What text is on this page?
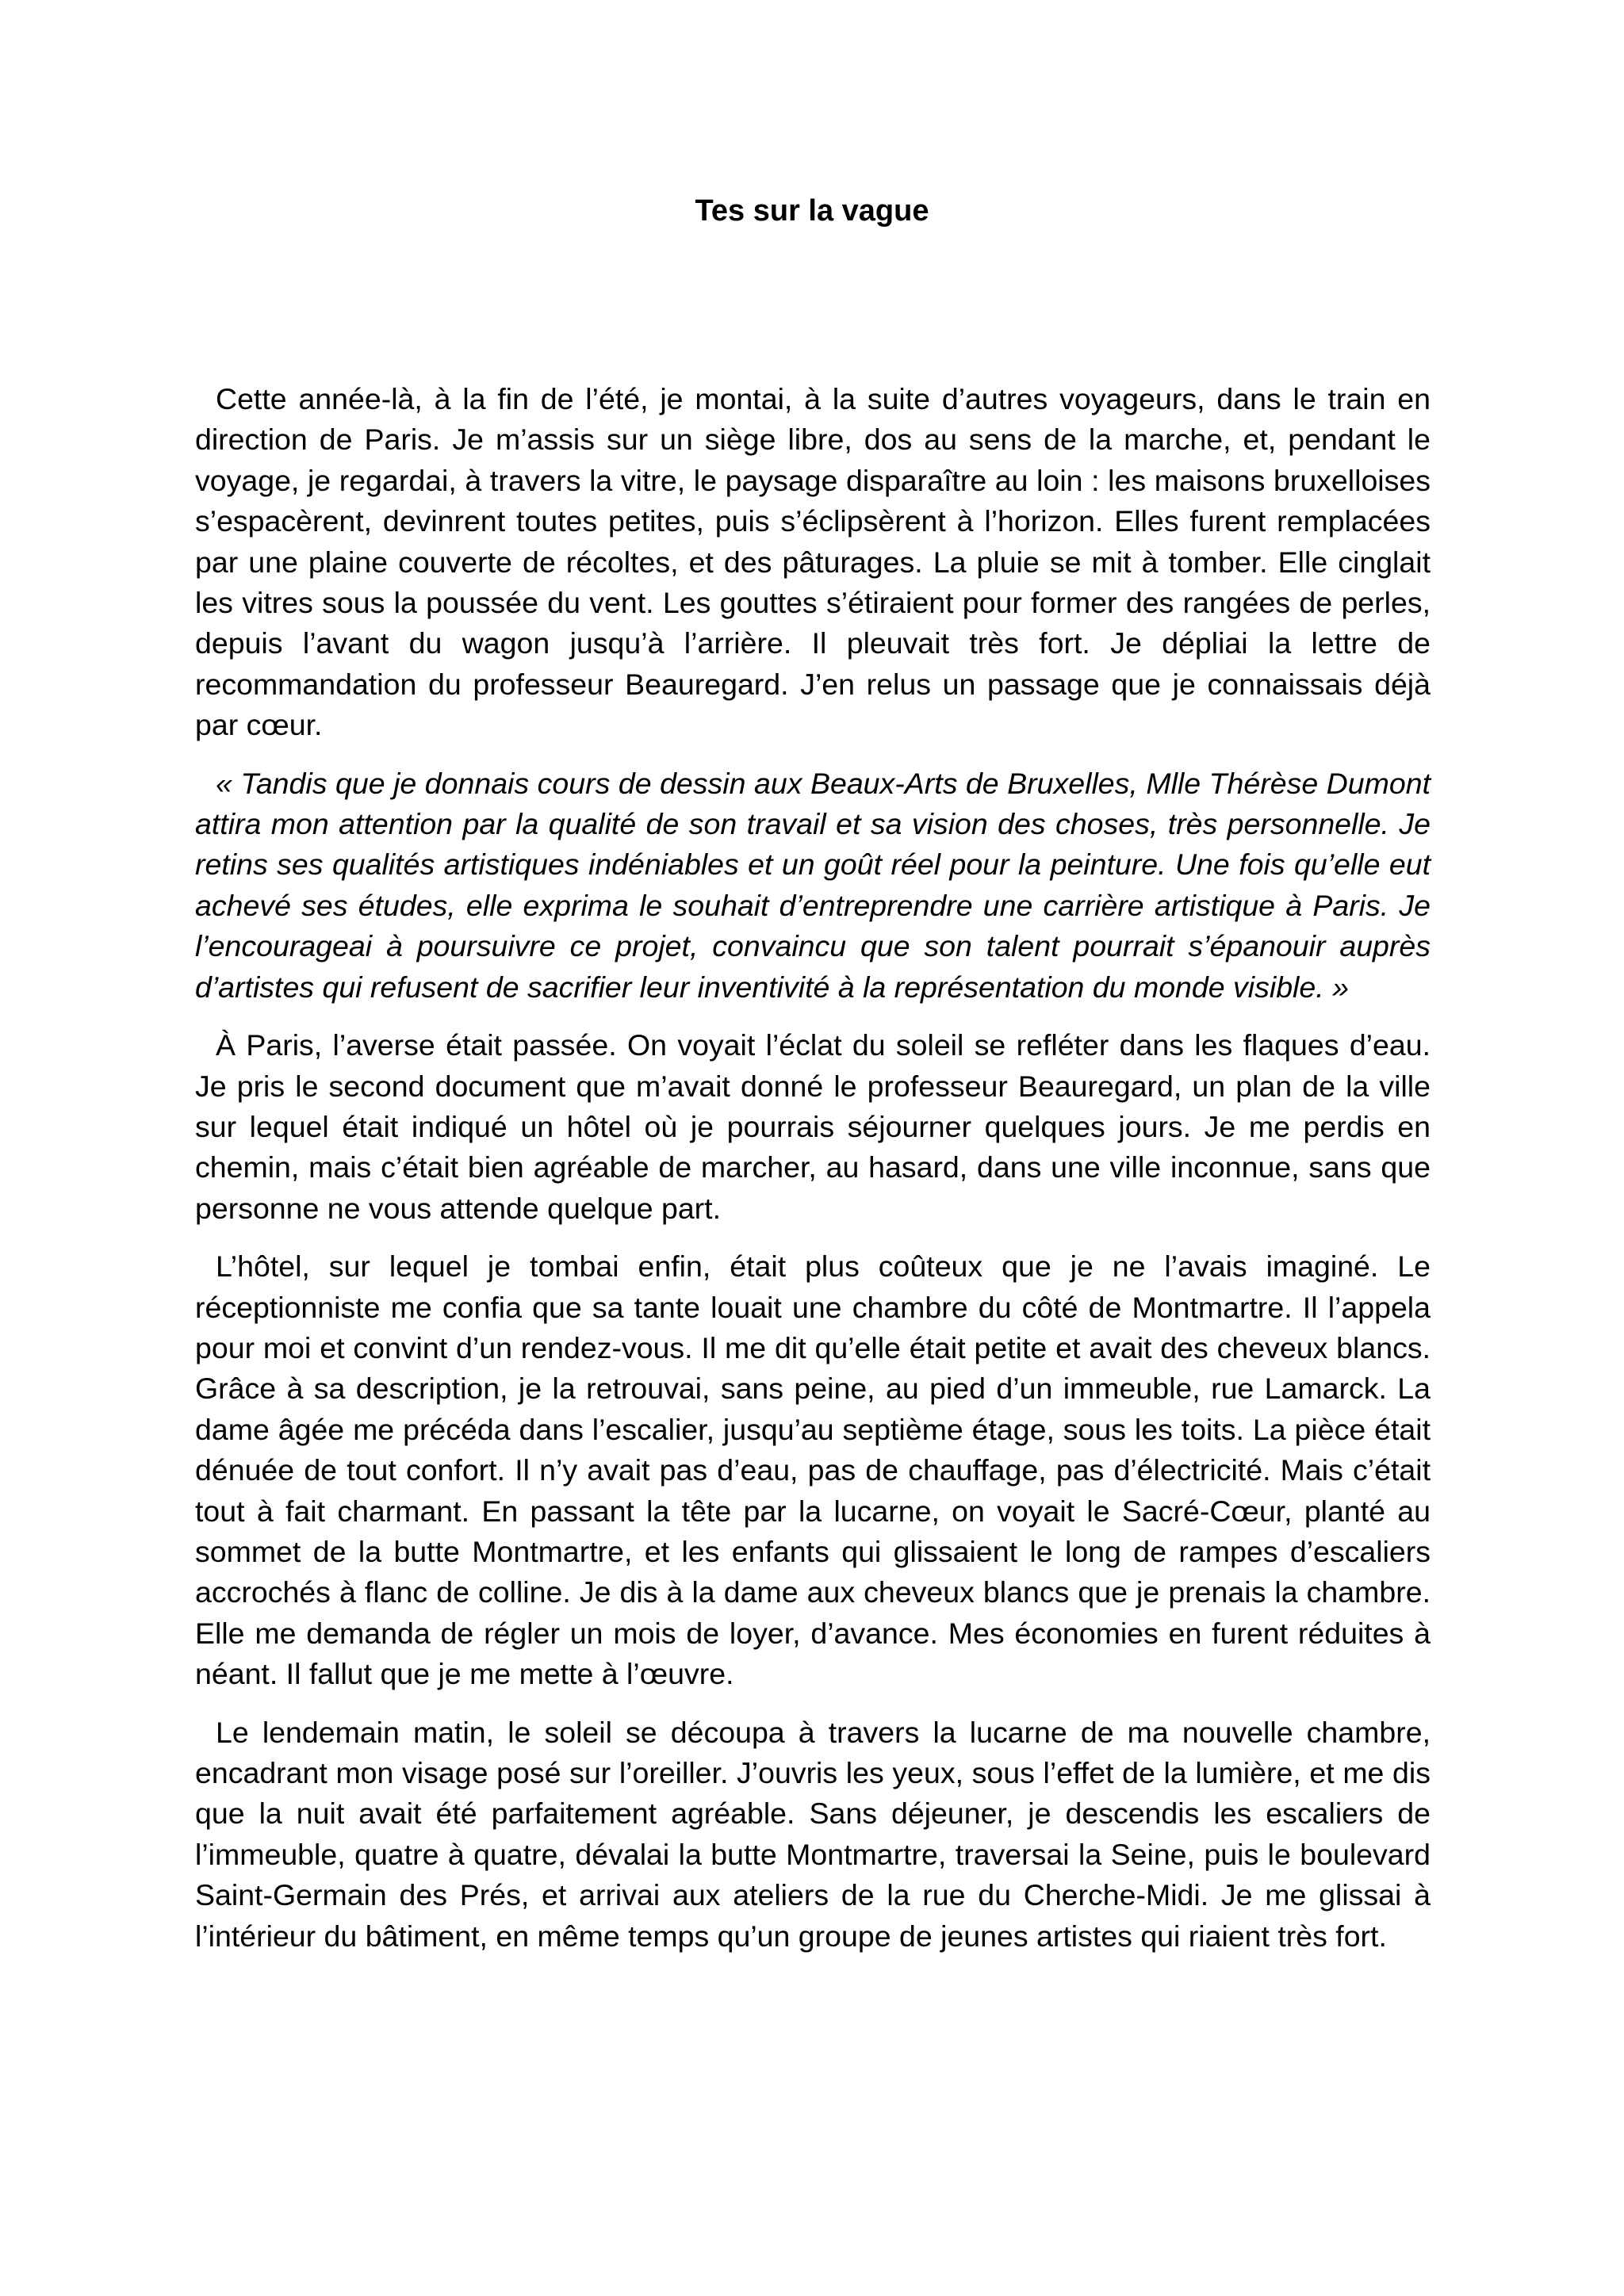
Tes sur la vague

Cette année-là, à la fin de l’été, je montai, à la suite d’autres voyageurs, dans le train en direction de Paris. Je m’assis sur un siège libre, dos au sens de la marche, et, pendant le voyage, je regardai, à travers la vitre, le paysage disparaître au loin : les maisons bruxelloises s’espacèrent, devinrent toutes petites, puis s’éclipsèrent à l’horizon. Elles furent remplacées par une plaine couverte de récoltes, et des pâturages. La pluie se mit à tomber. Elle cinglait les vitres sous la poussée du vent. Les gouttes s’étiraient pour former des rangées de perles, depuis l’avant du wagon jusqu’à l’arrière. Il pleuvait très fort. Je dépliai la lettre de recommandation du professeur Beauregard. J’en relus un passage que je connaissais déjà par cœur.

« Tandis que je donnais cours de dessin aux Beaux-Arts de Bruxelles, Mlle Thérèse Dumont attira mon attention par la qualité de son travail et sa vision des choses, très personnelle. Je retins ses qualités artistiques indéniables et un goût réel pour la peinture. Une fois qu’elle eut achevé ses études, elle exprima le souhait d’entreprendre une carrière artistique à Paris. Je l’encourageai à poursuivre ce projet, convaincu que son talent pourrait s’épanouir auprès d’artistes qui refusent de sacrifier leur inventivité à la représentation du monde visible. »

À Paris, l’averse était passée. On voyait l’éclat du soleil se refléter dans les flaques d’eau. Je pris le second document que m’avait donné le professeur Beauregard, un plan de la ville sur lequel était indiqué un hôtel où je pourrais séjourner quelques jours. Je me perdis en chemin, mais c’était bien agréable de marcher, au hasard, dans une ville inconnue, sans que personne ne vous attende quelque part.

L’hôtel, sur lequel je tombai enfin, était plus coûteux que je ne l’avais imaginé. Le réceptionniste me confia que sa tante louait une chambre du côté de Montmartre. Il l’appela pour moi et convint d’un rendez-vous. Il me dit qu’elle était petite et avait des cheveux blancs. Grâce à sa description, je la retrouvai, sans peine, au pied d’un immeuble, rue Lamarck. La dame âgée me précéda dans l’escalier, jusqu’au septième étage, sous les toits. La pièce était dénuée de tout confort. Il n’y avait pas d’eau, pas de chauffage, pas d’électricité. Mais c’était tout à fait charmant. En passant la tête par la lucarne, on voyait le Sacré-Cœur, planté au sommet de la butte Montmartre, et les enfants qui glissaient le long de rampes d’escaliers accrochés à flanc de colline. Je dis à la dame aux cheveux blancs que je prenais la chambre. Elle me demanda de régler un mois de loyer, d’avance. Mes économies en furent réduites à néant. Il fallut que je me mette à l’œuvre.

Le lendemain matin, le soleil se découpa à travers la lucarne de ma nouvelle chambre, encadrant mon visage posé sur l’oreiller. J’ouvris les yeux, sous l’effet de la lumière, et me dis que la nuit avait été parfaitement agréable. Sans déjeuner, je descendis les escaliers de l’immeuble, quatre à quatre, dévalai la butte Montmartre, traversai la Seine, puis le boulevard Saint-Germain des Prés, et arrivai aux ateliers de la rue du Cherche-Midi. Je me glissai à l’intérieur du bâtiment, en même temps qu’un groupe de jeunes artistes qui riaient très fort.
